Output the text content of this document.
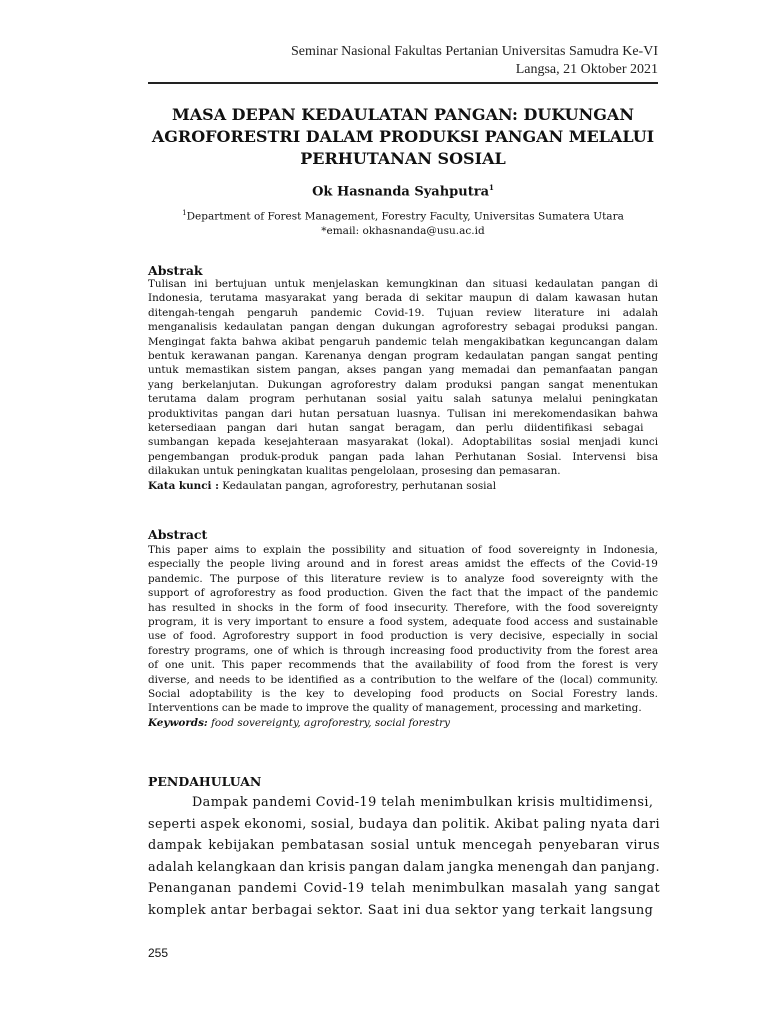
Seminar Nasional Fakultas Pertanian Universitas Samudra Ke-VI
Langsa, 21 Oktober 2021
MASA DEPAN KEDAULATAN PANGAN: DUKUNGAN
AGROFORESTRI DALAM PRODUKSI PANGAN MELALUI
PERHUTANAN SOSIAL
Ok Hasnanda Syahputra$^1$
$^1$Department of Forest Management, Forestry Faculty, Universitas Sumatera Utara
*email: okhasnanda@usu.ac.id
Abstrak
Tulisan ini bertujuan untuk menjelaskan kemungkinan dan situasi kedaulatan pangan di
Indonesia, terutama masyarakat yang berada di sekitar maupun di dalam kawasan hutan
ditengah-tengah pengaruh pandemic Covid-19. Tujuan review literature ini adalah
menganalisis kedaulatan pangan dengan dukungan agroforestry sebagai produksi pangan.
Mengingat fakta bahwa akibat pengaruh pandemic telah mengakibatkan keguncangan dalam
bentuk kerawanan pangan. Karenanya dengan program kedaulatan pangan sangat penting
untuk memastikan sistem pangan, akses pangan yang memadai dan pemanfaatan pangan
yang berkelanjutan. Dukungan agroforestry dalam produksi pangan sangat menentukan
terutama dalam program perhutanan sosial yaitu salah satunya melalui peningkatan
produktivitas pangan dari hutan persatuan luasnya. Tulisan ini merekomendasikan bahwa
ketersediaan pangan dari hutan sangat beragam, dan perlu diidentifikasi sebagai
sumbangan kepada kesejahteraan masyarakat (lokal). Adoptabilitas sosial menjadi kunci
pengembangan produk-produk pangan pada lahan Perhutanan Sosial. Intervensi bisa
dilakukan untuk peningkatan kualitas pengelolaan, prosesing dan pemasaran.
Kata kunci : Kedaulatan pangan, agroforestry, perhutanan sosial
Abstract
This paper aims to explain the possibility and situation of food sovereignty in Indonesia,
especially the people living around and in forest areas amidst the effects of the Covid-19
pandemic. The purpose of this literature review is to analyze food sovereignty with the
support of agroforestry as food production. Given the fact that the impact of the pandemic
has resulted in shocks in the form of food insecurity. Therefore, with the food sovereignty
program, it is very important to ensure a food system, adequate food access and sustainable
use of food. Agroforestry support in food production is very decisive, especially in social
forestry programs, one of which is through increasing food productivity from the forest area
of one unit. This paper recommends that the availability of food from the forest is very
diverse, and needs to be identified as a contribution to the welfare of the (local) community.
Social adoptability is the key to developing food products on Social Forestry lands.
Interventions can be made to improve the quality of management, processing and marketing.
Keywords: food sovereignty, agroforestry, social forestry
PENDAHULUAN
Dampak pandemi Covid-19 telah menimbulkan krisis multidimensi,
seperti aspek ekonomi, sosial, budaya dan politik. Akibat paling nyata dari
dampak kebijakan pembatasan sosial untuk mencegah penyebaran virus
adalah kelangkaan dan krisis pangan dalam jangka menengah dan panjang.
Penanganan pandemi Covid-19 telah menimbulkan masalah yang sangat
komplek antar berbagai sektor. Saat ini dua sektor yang terkait langsung
255
